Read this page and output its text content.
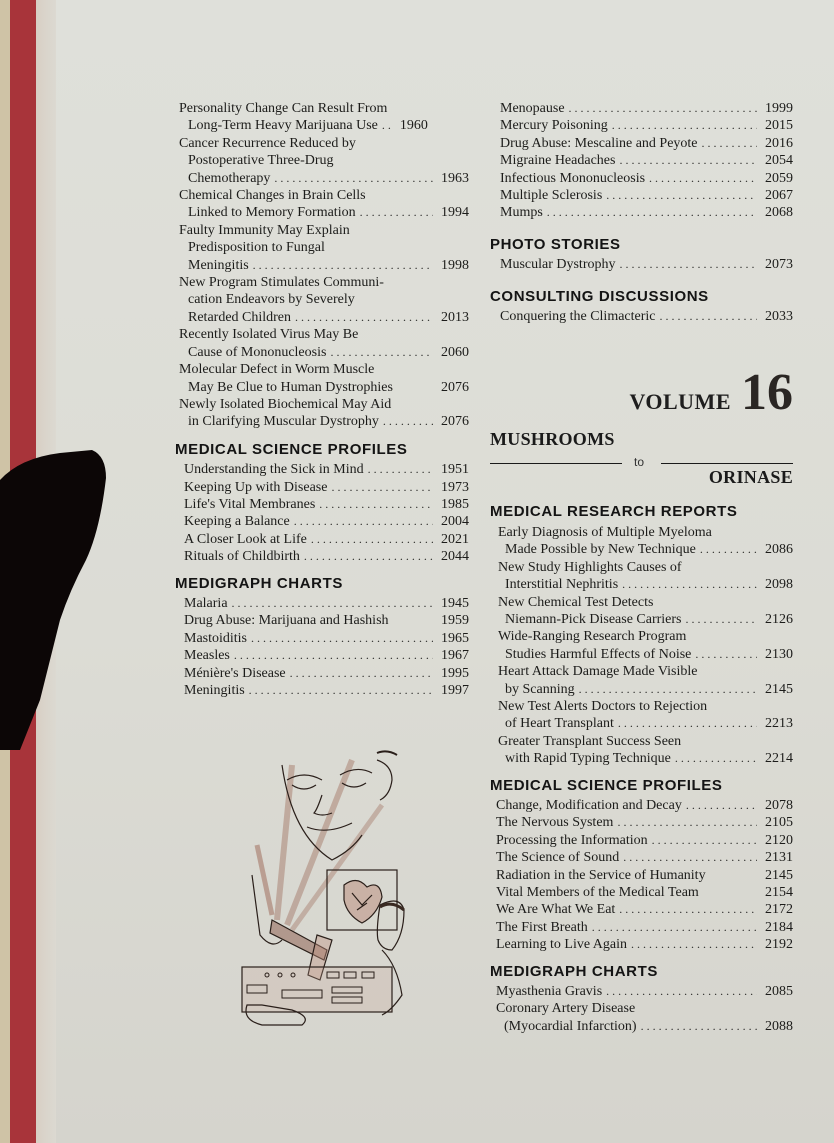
Personality Change Can Result From
Long-Term Heavy Marijuana Use . . . 1960
Cancer Recurrence Reduced by
Postoperative Three-Drug
Chemotherapy . . .	1963
Chemical Changes in Brain Cells
Linked to Memory Formation . . .	1994
Faulty Immunity May Explain
Predisposition to Fungal
Meningitis . . .	1998
New Program Stimulates Communi-
cation Endeavors by Severely
Retarded Children . . .	2013
Recently Isolated Virus May Be
Cause of Mononucleosis . . .	2060
Molecular Defect in Worm Muscle
May Be Clue to Human Dystrophies	2076
Newly Isolated Biochemical May Aid
in Clarifying Muscular Dystrophy . . .	2076
MEDICAL SCIENCE PROFILES
Understanding the Sick in Mind . . .	1951
Keeping Up with Disease . . .	1973
Life's Vital Membranes . . .	1985
Keeping a Balance . . .	2004
A Closer Look at Life . . .	2021
Rituals of Childbirth . . .	2044
MEDIGRAPH CHARTS
Malaria . . .	1945
Drug Abuse: Marijuana and Hashish	1959
Mastoiditis . . .	1965
Measles . . .	1967
Ménière's Disease . . .	1995
Meningitis . . .	1997
Menopause . . .	1999
Mercury Poisoning . . .	2015
Drug Abuse: Mescaline and Peyote . . .	2016
Migraine Headaches . . .	2054
Infectious Mononucleosis . . .	2059
Multiple Sclerosis . . .	2067
Mumps . . .	2068
PHOTO STORIES
Muscular Dystrophy . . .	2073
CONSULTING DISCUSSIONS
Conquering the Climacteric . . .	2033
VOLUME 16
MUSHROOMS
to
ORINASE
MEDICAL RESEARCH REPORTS
Early Diagnosis of Multiple Myeloma
Made Possible by New Technique . . .	2086
New Study Highlights Causes of
Interstitial Nephritis . . .	2098
New Chemical Test Detects
Niemann-Pick Disease Carriers . . .	2126
Wide-Ranging Research Program
Studies Harmful Effects of Noise . . .	2130
Heart Attack Damage Made Visible
by Scanning . . .	2145
New Test Alerts Doctors to Rejection
of Heart Transplant . . .	2213
Greater Transplant Success Seen
with Rapid Typing Technique . . .	2214
MEDICAL SCIENCE PROFILES
Change, Modification and Decay . . .	2078
The Nervous System . . .	2105
Processing the Information . . .	2120
The Science of Sound . . .	2131
Radiation in the Service of Humanity	2145
Vital Members of the Medical Team	2154
We Are What We Eat . . .	2172
The First Breath . . .	2184
Learning to Live Again . . .	2192
MEDIGRAPH CHARTS
Myasthenia Gravis . . .	2085
Coronary Artery Disease
(Myocardial Infarction) . . .	2088
